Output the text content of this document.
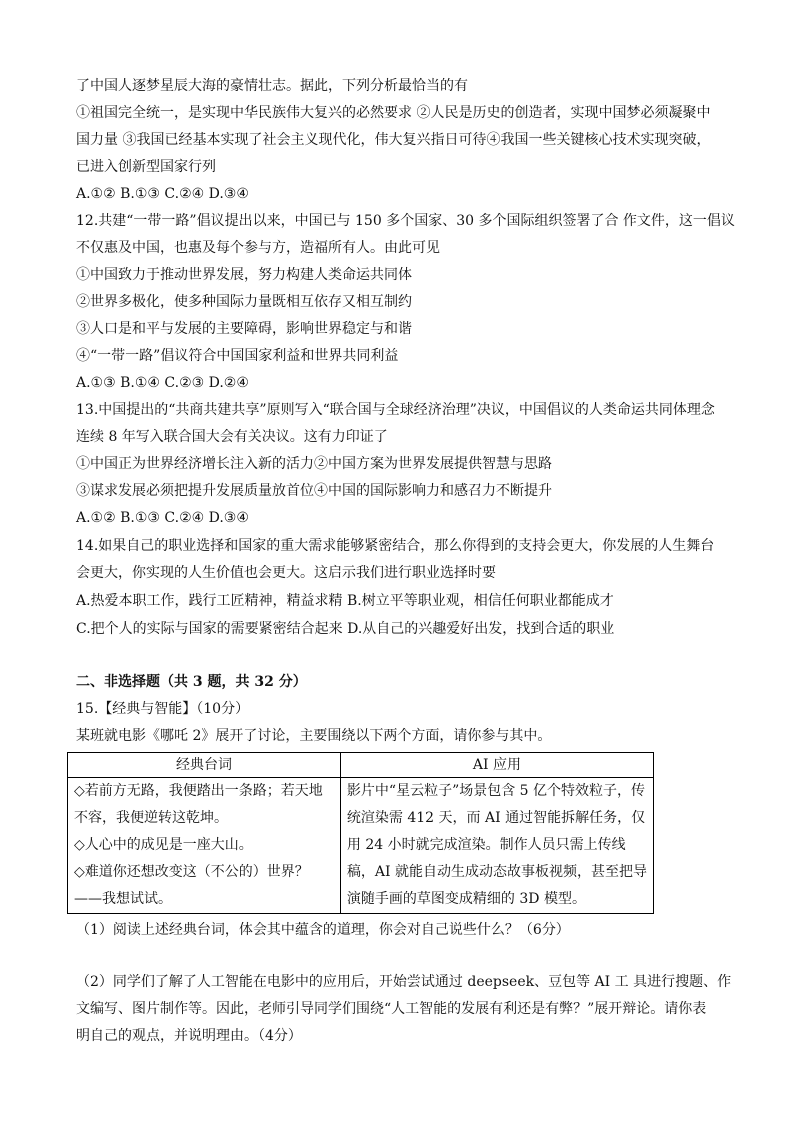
了中国人逐梦星辰大海的豪情壮志。据此，下列分析最恰当的有
①祖国完全统一，是实现中华民族伟大复兴的必然要求 ②人民是历史的创造者，实现中国梦必须凝聚中
国力量 ③我国已经基本实现了社会主义现代化，伟大复兴指日可待④我国一些关键核心技术实现突破，
已进入创新型国家行列
A.①② B.①③ C.②④ D.③④
12.共建“一带一路”倡议提出以来，中国已与 150 多个国家、30 多个国际组织签署了合 作文件，这一倡议
不仅惠及中国，也惠及每个参与方，造福所有人。由此可见
①中国致力于推动世界发展，努力构建人类命运共同体
②世界多极化，使多种国际力量既相互依存又相互制约
③人口是和平与发展的主要障碍，影响世界稳定与和谐
④“一带一路”倡议符合中国国家利益和世界共同利益
A.①③ B.①④ C.②③ D.②④
13.中国提出的“共商共建共享”原则写入“联合国与全球经济治理”决议，中国倡议的人类命运共同体理念
连续 8 年写入联合国大会有关决议。这有力印证了
①中国正为世界经济增长注入新的活力②中国方案为世界发展提供智慧与思路
③谋求发展必须把提升发展质量放首位④中国的国际影响力和感召力不断提升
A.①② B.①③ C.②④ D.③④
14.如果自己的职业选择和国家的重大需求能够紧密结合，那么你得到的支持会更大，你发展的人生舞台
会更大，你实现的人生价值也会更大。这启示我们进行职业选择时要
A.热爱本职工作，践行工匠精神，精益求精 B.树立平等职业观，相信任何职业都能成才
C.把个人的实际与国家的需要紧密结合起来 D.从自己的兴趣爱好出发，找到合适的职业
二、非选择题（共 3 题，共 32 分）
15.【经典与智能】（10分）
某班就电影《哪吒 2》展开了讨论，主要围绕以下两个方面，请你参与其中。
经典台词	AI 应用

◇若前方无路，我便踏出一条路；若天地
不容，我便逆转这乾坤。
◇人心中的成见是一座大山。
◇难道你还想改变这（不公的）世界？
——我想试试。	影片中“星云粒子”场景包含 5 亿个特效粒子，传
统渲染需 412 天，而 AI 通过智能拆解任务，仅
用 24 小时就完成渲染。制作人员只需上传线
稿，AI 就能自动生成动态故事板视频，甚至把导
演随手画的草图变成精细的 3D 模型。
（1）阅读上述经典台词，体会其中蕴含的道理，你会对自己说些什么？（6分）
（2）同学们了解了人工智能在电影中的应用后，开始尝试通过 deepseek、豆包等 AI 工 具进行搜题、作
文编写、图片制作等。因此，老师引导同学们围绕“人工智能的发展有利还是有弊？”展开辩论。请你表
明自己的观点，并说明理由。（4分）
